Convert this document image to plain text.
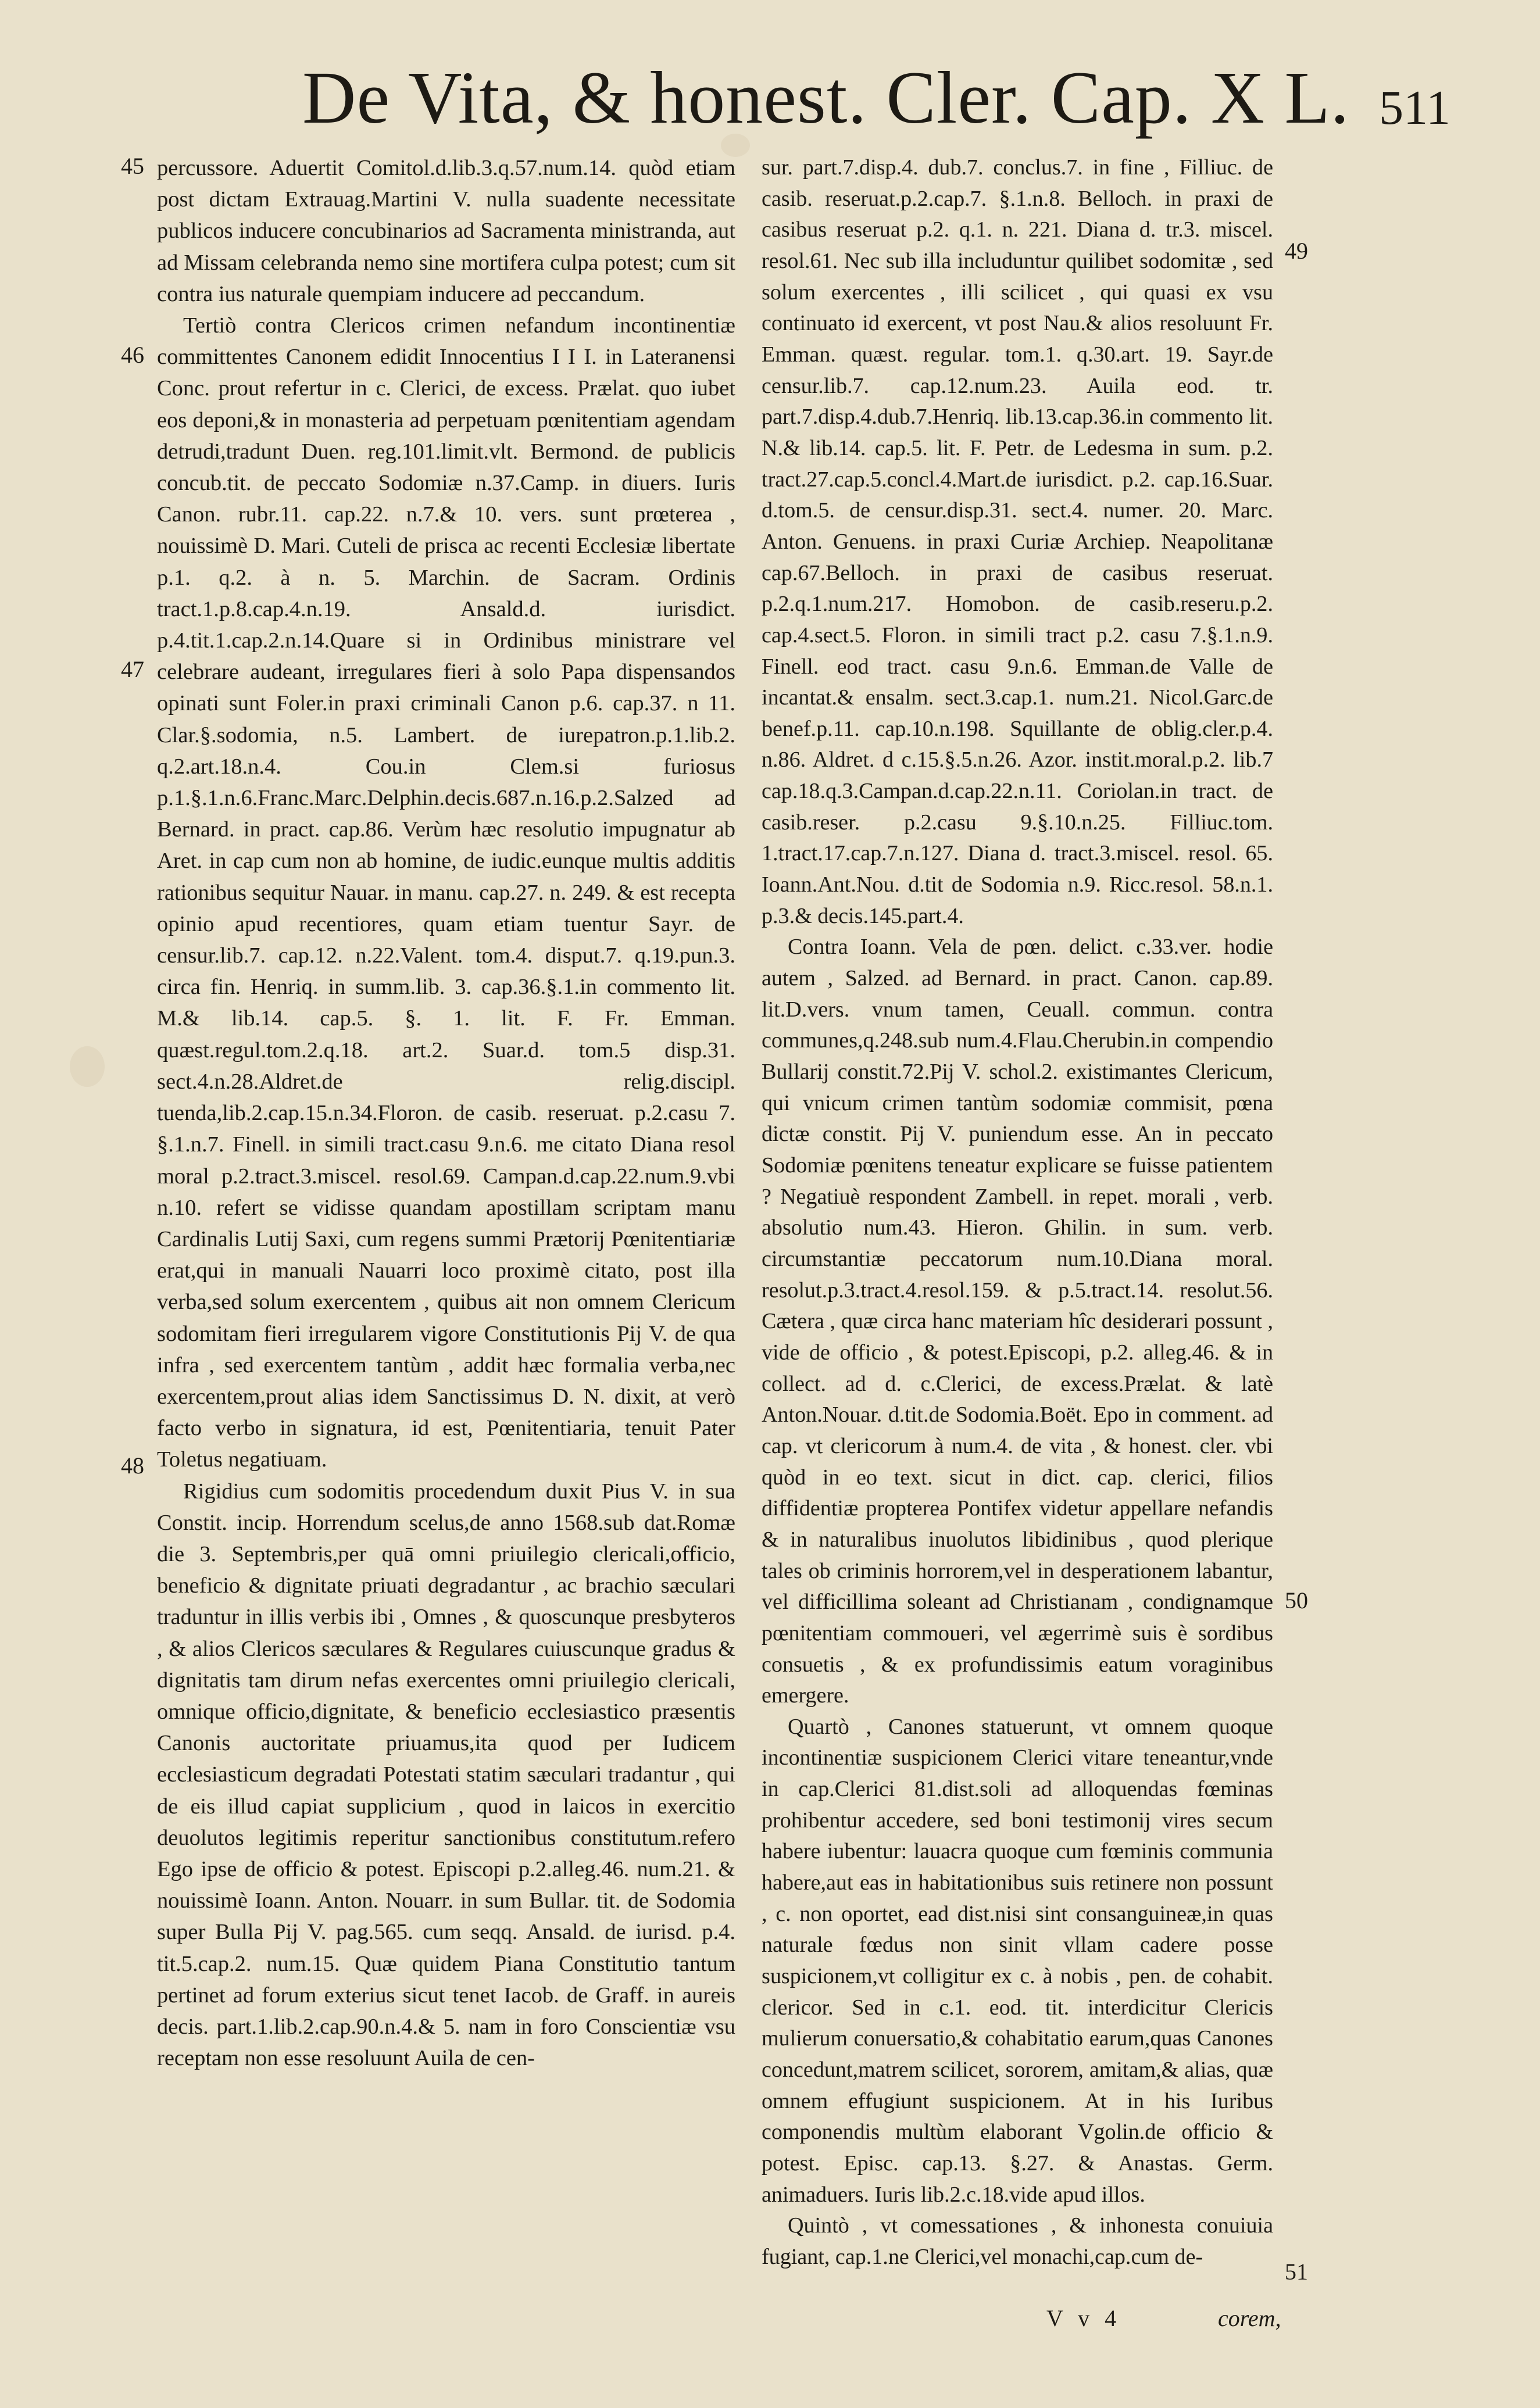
De Vita, & honest. Cler. Cap. X L. 511
45
46
47
48
49
50
51

percussore. Aduertit Comitol.d.lib.3.q.57.num.14. quòd etiam post dictam Extrauag.Martini V. nulla suadente necessitate publicos inducere concubinarios ad Sacramenta ministranda, aut ad Missam celebranda nemo sine mortifera culpa potest; cum sit contra ius naturale quempiam inducere ad peccandum.

Tertiò contra Clericos crimen nefandum incontinentiæ committentes Canonem edidit Innocentius I I I. in Lateranensi Conc. prout refertur in c. Clerici, de excess. Prælat. quo iubet eos deponi,& in monasteria ad perpetuam pœnitentiam agendam detrudi,tradunt Duen. reg.101.limit.vlt. Bermond. de publicis concub.tit. de peccato Sodomiæ n.37.Camp. in diuers. Iuris Canon. rubr.11. cap.22. n.7.& 10. vers. sunt prœterea , nouissimè D. Mari. Cuteli de prisca ac recenti Ecclesiæ libertate p.1. q.2. à n. 5. Marchin. de Sacram. Ordinis tract.1.p.8.cap.4.n.19. Ansald.d. iurisdict. p.4.tit.1.cap.2.n.14.Quare si in Ordinibus ministrare vel celebrare audeant, irregulares fieri à solo Papa dispensandos opinati sunt Foler.in praxi criminali Canon p.6. cap.37. n 11. Clar.§.sodomia, n.5. Lambert. de iurepatron.p.1.lib.2. q.2.art.18.n.4. Cou.in Clem.si furiosus p.1.§.1.n.6.Franc.Marc.Delphin.decis.687.n.16.p.2.Salzed ad Bernard. in pract. cap.86. Verùm hæc resolutio impugnatur ab Aret. in cap cum non ab homine, de iudic.eunque multis additis rationibus sequitur Nauar. in manu. cap.27. n. 249. & est recepta opinio apud recentiores, quam etiam tuentur Sayr. de censur.lib.7. cap.12. n.22.Valent. tom.4. disput.7. q.19.pun.3. circa fin. Henriq. in summ.lib. 3. cap.36.§.1.in commento lit. M.& lib.14. cap.5. §. 1. lit. F. Fr. Emman. quæst.regul.tom.2.q.18. art.2. Suar.d. tom.5 disp.31. sect.4.n.28.Aldret.de relig.discipl. tuenda,lib.2.cap.15.n.34.Floron. de casib. reseruat. p.2.casu 7. §.1.n.7. Finell. in simili tract.casu 9.n.6. me citato Diana resol moral p.2.tract.3.miscel. resol.69. Campan.d.cap.22.num.9.vbi n.10. refert se vidisse quandam apostillam scriptam manu Cardinalis Lutij Saxi, cum regens summi Prætorij Pœnitentiariæ erat,qui in manuali Nauarri loco proximè citato, post illa verba,sed solum exercentem , quibus ait non omnem Clericum sodomitam fieri irregularem vigore Constitutionis Pij V. de qua infra , sed exercentem tantùm , addit hæc formalia verba,nec exercentem,prout alias idem Sanctissimus D. N. dixit, at verò facto verbo in signatura, id est, Pœnitentiaria, tenuit Pater Toletus negatiuam.

Rigidius cum sodomitis procedendum duxit Pius V. in sua Constit. incip. Horrendum scelus,de anno 1568.sub dat.Romæ die 3. Septembris,per quā omni priuilegio clericali,officio, beneficio & dignitate priuati degradantur , ac brachio sæculari traduntur in illis verbis ibi , Omnes , & quoscunque presbyteros , & alios Clericos sæculares & Regulares cuiuscunque gradus & dignitatis tam dirum nefas exercentes omni priuilegio clericali, omnique officio,dignitate, & beneficio ecclesiastico præsentis Canonis auctoritate priuamus,ita quod per Iudicem ecclesiasticum degradati Potestati statim sæculari tradantur , qui de eis illud capiat supplicium , quod in laicos in exercitio deuolutos legitimis reperitur sanctionibus constitutum.refero Ego ipse de officio & potest. Episcopi p.2.alleg.46. num.21. & nouissimè Ioann. Anton. Nouarr. in sum Bullar. tit. de Sodomia super Bulla Pij V. pag.565. cum seqq. Ansald. de iurisd. p.4. tit.5.cap.2. num.15. Quæ quidem Piana Constitutio tantum pertinet ad forum exterius sicut tenet Iacob. de Graff. in aureis decis. part.1.lib.2.cap.90.n.4.& 5. nam in foro Conscientiæ vsu receptam non esse resoluunt Auila de cen-

sur. part.7.disp.4. dub.7. conclus.7. in fine , Filliuc. de casib. reseruat.p.2.cap.7. §.1.n.8. Belloch. in praxi de casibus reseruat p.2. q.1. n. 221. Diana d. tr.3. miscel. resol.61. Nec sub illa includuntur quilibet sodomitæ , sed solum exercentes , illi scilicet , qui quasi ex vsu continuato id exercent, vt post Nau.& alios resoluunt Fr. Emman. quæst. regular. tom.1. q.30.art. 19. Sayr.de censur.lib.7. cap.12.num.23. Auila eod. tr. part.7.disp.4.dub.7.Henriq. lib.13.cap.36.in commento lit. N.& lib.14. cap.5. lit. F. Petr. de Ledesma in sum. p.2. tract.27.cap.5.concl.4.Mart.de iurisdict. p.2. cap.16.Suar. d.tom.5. de censur.disp.31. sect.4. numer. 20. Marc. Anton. Genuens. in praxi Curiæ Archiep. Neapolitanæ cap.67.Belloch. in praxi de casibus reseruat. p.2.q.1.num.217. Homobon. de casib.reseru.p.2. cap.4.sect.5. Floron. in simili tract p.2. casu 7.§.1.n.9. Finell. eod tract. casu 9.n.6. Emman.de Valle de incantat.& ensalm. sect.3.cap.1. num.21. Nicol.Garc.de benef.p.11. cap.10.n.198. Squillante de oblig.cler.p.4. n.86. Aldret. d c.15.§.5.n.26. Azor. instit.moral.p.2. lib.7 cap.18.q.3.Campan.d.cap.22.n.11. Coriolan.in tract. de casib.reser. p.2.casu 9.§.10.n.25. Filliuc.tom. 1.tract.17.cap.7.n.127. Diana d. tract.3.miscel. resol. 65. Ioann.Ant.Nou. d.tit de Sodomia n.9. Ricc.resol. 58.n.1. p.3.& decis.145.part.4.

Contra Ioann. Vela de pœn. delict. c.33.ver. hodie autem , Salzed. ad Bernard. in pract. Canon. cap.89. lit.D.vers. vnum tamen, Ceuall. commun. contra communes,q.248.sub num.4.Flau.Cherubin.in compendio Bullarij constit.72.Pij V. schol.2. existimantes Clericum, qui vnicum crimen tantùm sodomiæ commisit, pœna dictæ constit. Pij V. puniendum esse. An in peccato Sodomiæ pœnitens teneatur explicare se fuisse patientem ? Negatiuè respondent Zambell. in repet. morali , verb. absolutio num.43. Hieron. Ghilin. in sum. verb. circumstantiæ peccatorum num.10.Diana moral. resolut.p.3.tract.4.resol.159. & p.5.tract.14. resolut.56. Cætera , quæ circa hanc materiam hîc desiderari possunt , vide de officio , & potest.Episcopi, p.2. alleg.46. & in collect. ad d. c.Clerici, de excess.Prælat. & latè Anton.Nouar. d.tit.de Sodomia.Boët. Epo in comment. ad cap. vt clericorum à num.4. de vita , & honest. cler. vbi quòd in eo text. sicut in dict. cap. clerici, filios diffidentiæ propterea Pontifex videtur appellare nefandis & in naturalibus inuolutos libidinibus , quod plerique tales ob criminis horrorem,vel in desperationem labantur, vel difficillima soleant ad Christianam , condignamque pœnitentiam commoueri, vel ægerrimè suis è sordibus consuetis , & ex profundissimis eatum voraginibus emergere.

Quartò , Canones statuerunt, vt omnem quoque incontinentiæ suspicionem Clerici vitare teneantur,vnde in cap.Clerici 81.dist.soli ad alloquendas fœminas prohibentur accedere, sed boni testimonij vires secum habere iubentur: lauacra quoque cum fœminis communia habere,aut eas in habitationibus suis retinere non possunt , c. non oportet, ead dist.nisi sint consanguineæ,in quas naturale fœdus non sinit vllam cadere posse suspicionem,vt colligitur ex c. à nobis , pen. de cohabit. clericor. Sed in c.1. eod. tit. interdicitur Clericis mulierum conuersatio,& cohabitatio earum,quas Canones concedunt,matrem scilicet, sororem, amitam,& alias, quæ omnem effugiunt suspicionem. At in his Iuribus componendis multùm elaborant Vgolin.de officio & potest. Episc. cap.13. §.27. & Anastas. Germ. animaduers. Iuris lib.2.c.18.vide apud illos.

Quintò , vt comessationes , & inhonesta conuiuia fugiant, cap.1.ne Clerici,vel monachi,cap.cum de-

V v 4	corem,
